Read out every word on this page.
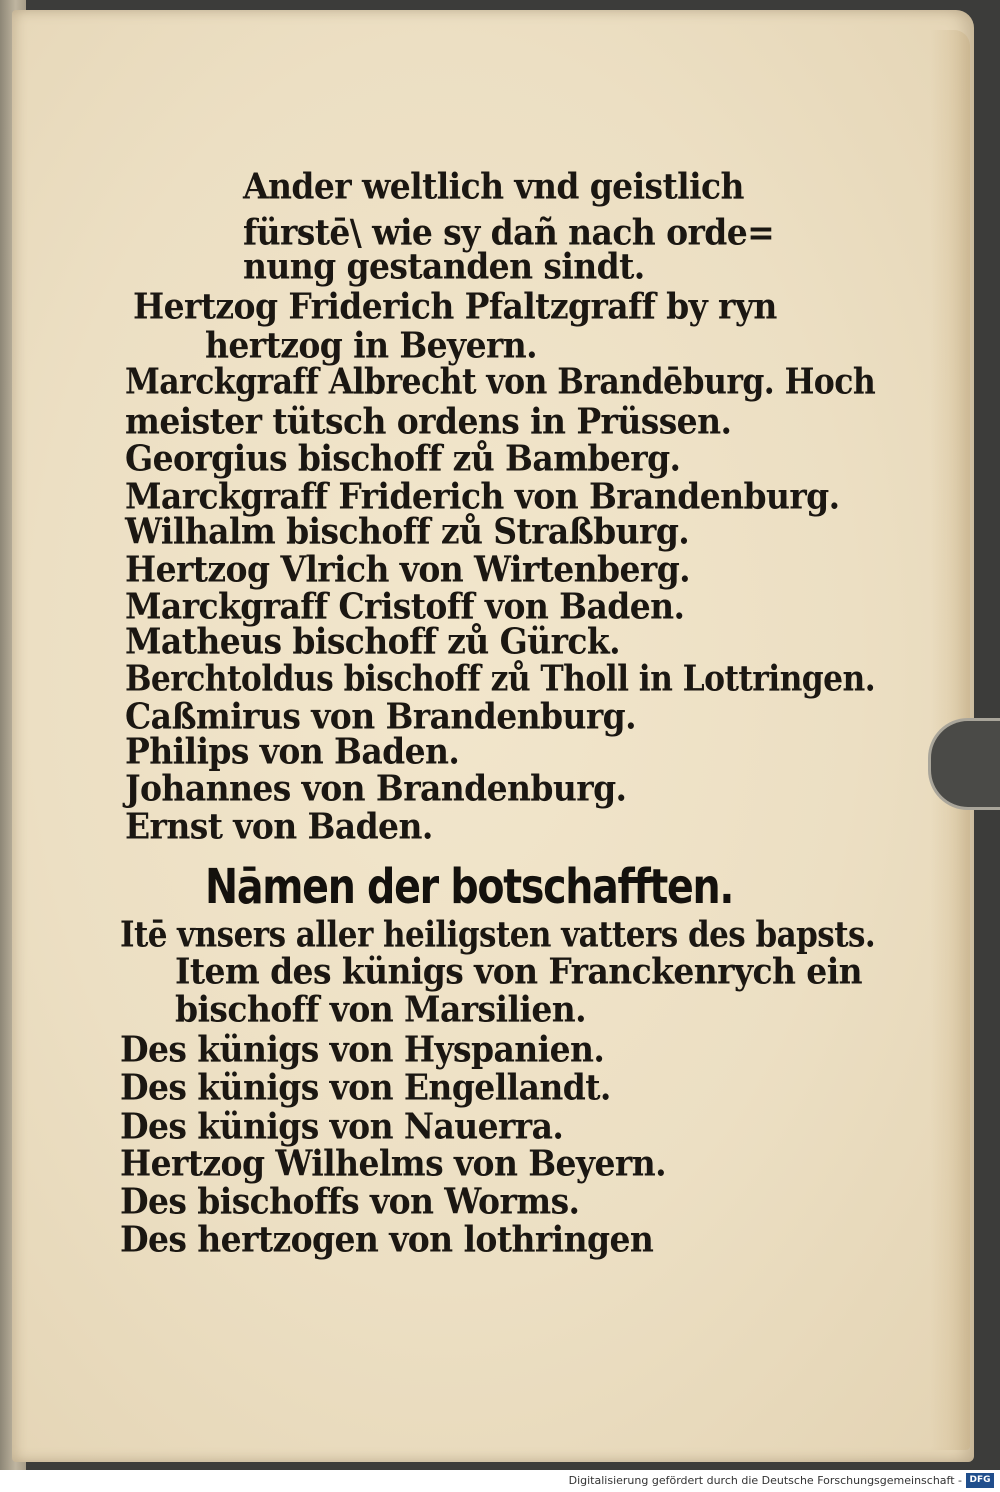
Ander weltlich vnd geistlich
fürstē\ wie sy dañ nach orde=
nung gestanden sindt.
Hertzog Friderich Pfaltzgraff by ryn
hertzog in Beyern.
Marckgraff Albrecht von Brandēburg. Hoch
meister tütsch ordens in Prüssen.
Georgius bischoff zů Bamberg.
Marckgraff Friderich von Brandenburg.
Wilhalm bischoff zů Straßburg.
Hertzog Vlrich von Wirtenberg.
Marckgraff Cristoff von Baden.
Matheus bischoff zů Gürck.
Berchtoldus bischoff zů Tholl in Lottringen.
Caßmirus von Brandenburg.
Philips von Baden.
Johannes von Brandenburg.
Ernst von Baden.
Nāmen der botschafften.
Itē vnsers aller heiligsten vatters des bapsts.
Item des künigs von Franckenrych ein
bischoff von Marsilien.
Des künigs von Hyspanien.
Des künigs von Engellandt.
Des künigs von Nauerra.
Hertzog Wilhelms von Beyern.
Des bischoffs von Worms.
Des hertzogen von lothringen
Digitalisierung gefördert durch die Deutsche Forschungsgemeinschaft - DFG
